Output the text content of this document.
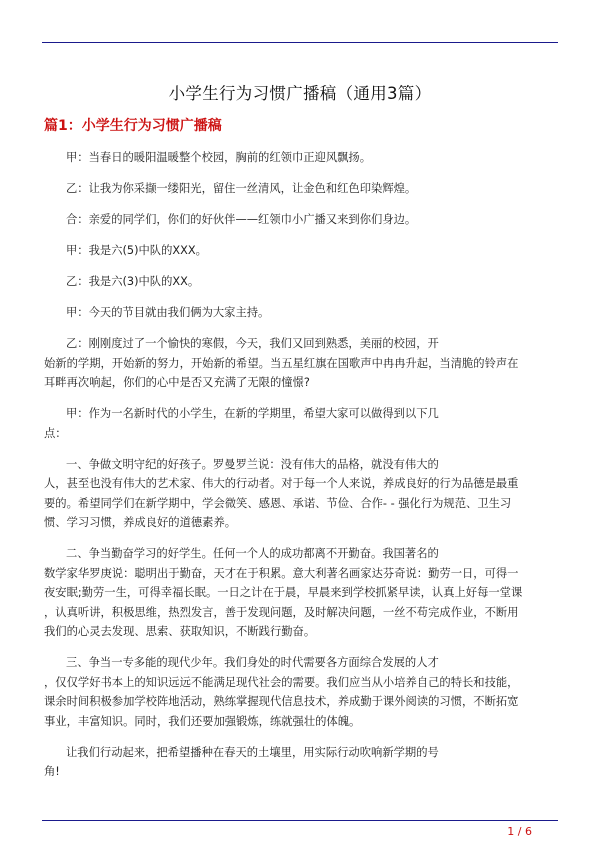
小学生行为习惯广播稿（通用3篇）
篇1：小学生行为习惯广播稿
甲：当春日的暖阳温暖整个校园，胸前的红领巾正迎风飘扬。
乙：让我为你采撷一缕阳光，留住一丝清风，让金色和红色印染辉煌。
合：亲爱的同学们，你们的好伙伴——红领巾小广播又来到你们身边。
甲：我是六(5)中队的XXX。
乙：我是六(3)中队的XX。
甲：今天的节目就由我们俩为大家主持。
乙：刚刚度过了一个愉快的寒假，今天，我们又回到熟悉，美丽的校园，开
始新的学期，开始新的努力，开始新的希望。当五星红旗在国歌声中冉冉升起，当清脆的铃声在
耳畔再次响起，你们的心中是否又充满了无限的憧憬?
甲：作为一名新时代的小学生，在新的学期里，希望大家可以做得到以下几
点：
一、争做文明守纪的好孩子。罗曼罗兰说：没有伟大的品格，就没有伟大的
人，甚至也没有伟大的艺术家、伟大的行动者。对于每一个人来说，养成良好的行为品德是最重
要的。希望同学们在新学期中，学会微笑、感恩、承诺、节俭、合作- - 强化行为规范、卫生习
惯、学习习惯，养成良好的道德素养。
二、争当勤奋学习的好学生。任何一个人的成功都离不开勤奋。我国著名的
数学家华罗庚说：聪明出于勤奋，天才在于积累。意大利著名画家达芬奇说：勤劳一日，可得一
夜安眠;勤劳一生，可得幸福长眠。一日之计在于晨，早晨来到学校抓紧早读，认真上好每一堂课
，认真听讲，积极思维，热烈发言，善于发现问题，及时解决问题，一丝不苟完成作业，不断用
我们的心灵去发现、思索、获取知识，不断践行勤奋。
三、争当一专多能的现代少年。我们身处的时代需要各方面综合发展的人才
，仅仅学好书本上的知识远远不能满足现代社会的需要。我们应当从小培养自己的特长和技能，
课余时间积极参加学校阵地活动，熟练掌握现代信息技术，养成勤于课外阅读的习惯，不断拓宽
事业，丰富知识。同时，我们还要加强锻炼，练就强壮的体魄。
让我们行动起来，把希望播种在春天的土壤里，用实际行动吹响新学期的号
角!
1 / 6
